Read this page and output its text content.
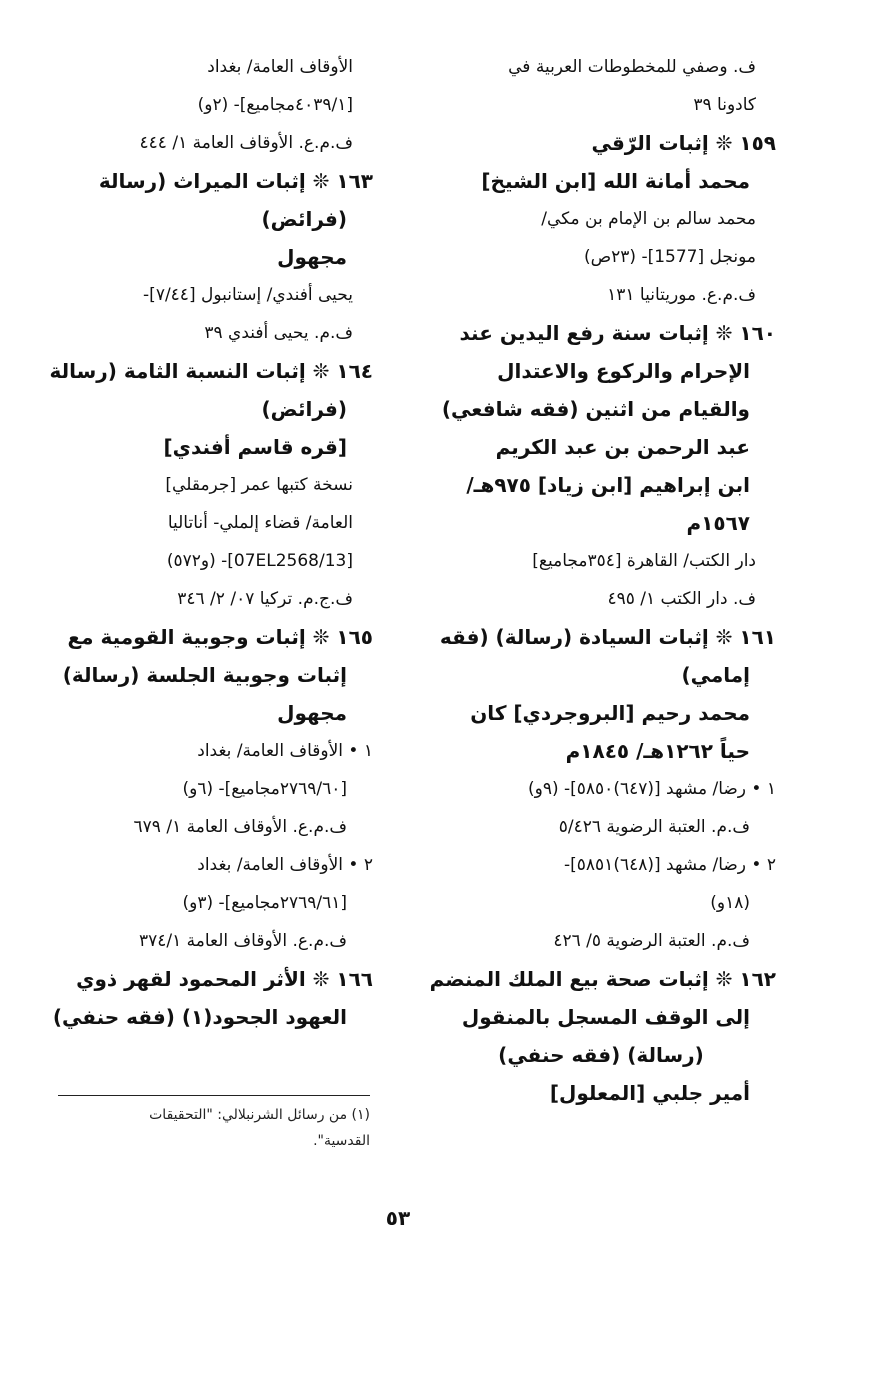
ف. وصفي للمخطوطات العربية في
كادونا ٣٩
١٥٩ ❊ إثبات الرّقي
محمد أمانة الله [ابن الشيخ]
محمد سالم بن الإمام بن مكي/
مونجل [1577]- (٢٣ص)
ف.م.ع. موريتانيا ١٣١
١٦٠ ❊ إثبات سنة رفع اليدين عند
الإحرام والركوع والاعتدال
والقيام من اثنين (فقه شافعي)
عبد الرحمن بن عبد الكريم
ابن إبراهيم [ابن زياد] ٩٧٥هـ/
١٥٦٧م
دار الكتب/ القاهرة [٣٥٤مجاميع]
ف. دار الكتب ١/ ٤٩٥
١٦١ ❊ إثبات السيادة (رسالة) (فقه
إمامي)
محمد رحيم [البروجردي] كان
حياً ١٢٦٢هـ/ ١٨٤٥م
١ • رضا/ مشهد [(٦٤٧)٥٨٥٠]- (٩و)
ف.م. العتبة الرضوية ٥/٤٢٦
٢ • رضا/ مشهد [(٦٤٨)٥٨٥١]-
(١٨و)
ف.م. العتبة الرضوية ٥/ ٤٢٦
١٦٢ ❊ إثبات صحة بيع الملك المنضم
إلى الوقف المسجل بالمنقول
(رسالة) (فقه حنفي)
أمير جلبي [المعلول]
الأوقاف العامة/ بغداد
[٤٠٣٩/١مجاميع]- (٢و)
ف.م.ع. الأوقاف العامة ١/ ٤٤٤
١٦٣ ❊ إثبات الميراث (رسالة
(فرائض)
مجهول
يحيى أفندي/ إستانبول [٧/٤٤]-
ف.م. يحيى أفندي ٣٩
١٦٤ ❊ إثبات النسبة الثامة (رسالة
(فرائض)
[قره قاسم أفندي]
نسخة كتبها عمر [جرمقلي]
العامة/ قضاء إلملي- أناتاليا
[07EL2568/13]- (و٥٧٢)
ف.ج.م. تركيا ٠٧/ ٢/ ٣٤٦
١٦٥ ❊ إثبات وجوبية القومية مع
إثبات وجوبية الجلسة (رسالة)
مجهول
١ • الأوقاف العامة/ بغداد
[٢٧٦٩/٦٠مجاميع]- (٦و)
ف.م.ع. الأوقاف العامة ١/ ٦٧٩
٢ • الأوقاف العامة/ بغداد
[٢٧٦٩/٦١مجاميع]- (٣و)
ف.م.ع. الأوقاف العامة ٣٧٤/١
١٦٦ ❊ الأثر المحمود لقهر ذوي
العهود الجحود(١) (فقه حنفي)
(١) من رسائل الشرنبلالي: "التحقيقات
القدسية".
٥٣
